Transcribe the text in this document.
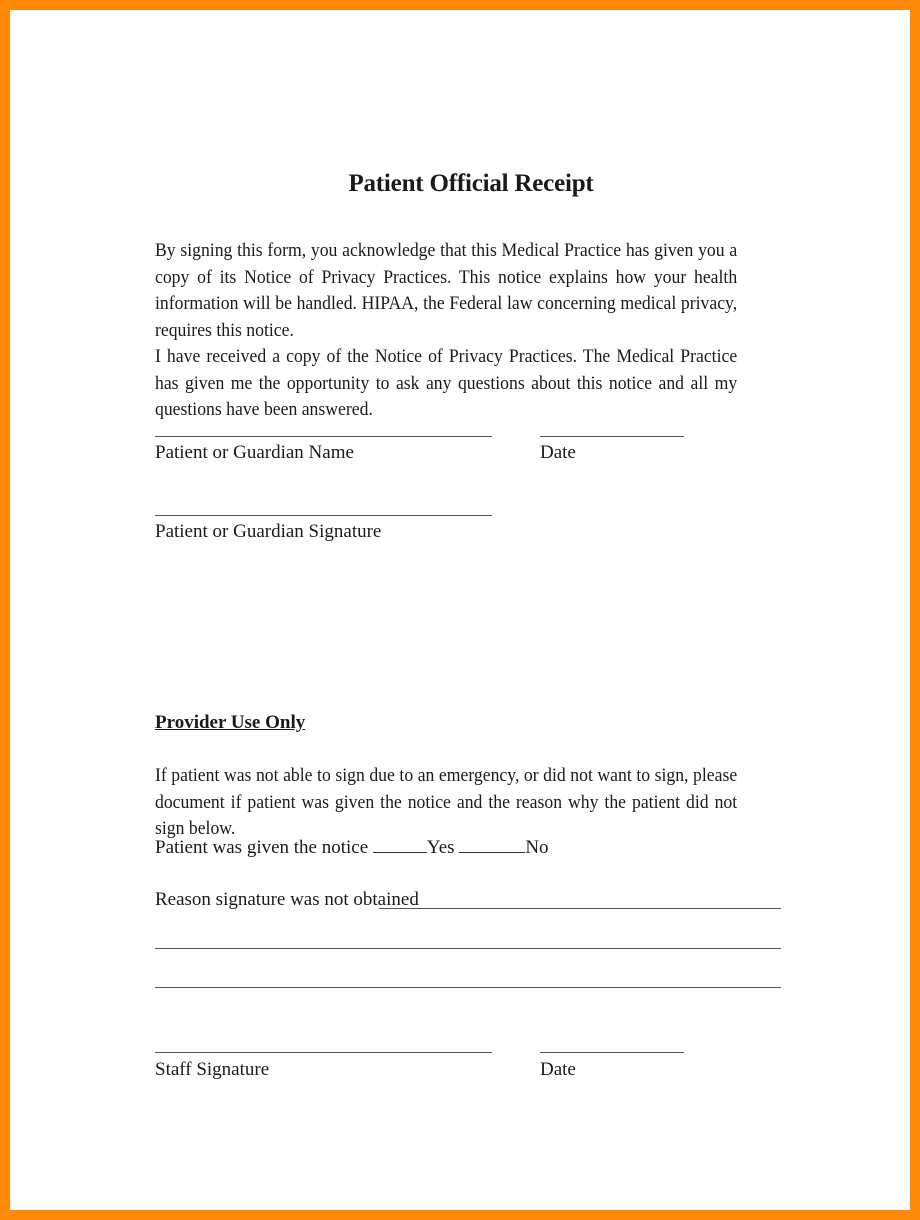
Patient Official Receipt
By signing this form, you acknowledge that this Medical Practice has given you a copy of its Notice of Privacy Practices. This notice explains how your health information will be handled. HIPAA, the Federal law concerning medical privacy, requires this notice.
I have received a copy of the Notice of Privacy Practices. The Medical Practice has given me the opportunity to ask any questions about this notice and all my questions have been answered.
Patient or Guardian Name	Date
Patient or Guardian Signature
Provider Use Only
If patient was not able to sign due to an emergency, or did not want to sign, please document if patient was given the notice and the reason why the patient did not sign below.
Patient was given the notice	Yes	No
Reason signature was not obtained
Staff Signature	Date
